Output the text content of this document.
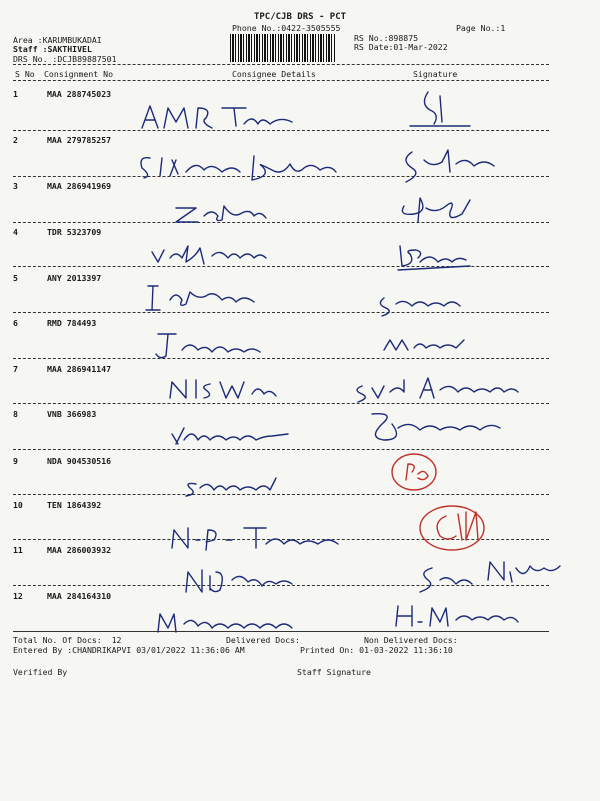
TPC/CJB DRS - PCT
Phone No.:0422-3505555	Page No.:1
Area :KARUMBUKADAI
Staff :SAKTHIVEL
DRS No. :DCJB89887501
RS No.:898875
RS Date:01-Mar-2022
S No Consignment No	Consignee Details	Signature
1	MAA 288745023
2	MAA 279785257
3	MAA 286941969
4	TDR 5323709
5	ANY 2013397
6	RMD 784493
7	MAA 286941147
8	VNB 366983
9	NDA 904530516
10	TEN 1864392
11	MAA 286003932
12	MAA 284164310
Total No. Of Docs:  12	Delivered Docs:	Non Delivered Docs:
Entered By :CHANDRIKAPVI 03/01/2022 11:36:06 AM	Printed On: 01-03-2022 11:36:10
Verified By	Staff Signature
